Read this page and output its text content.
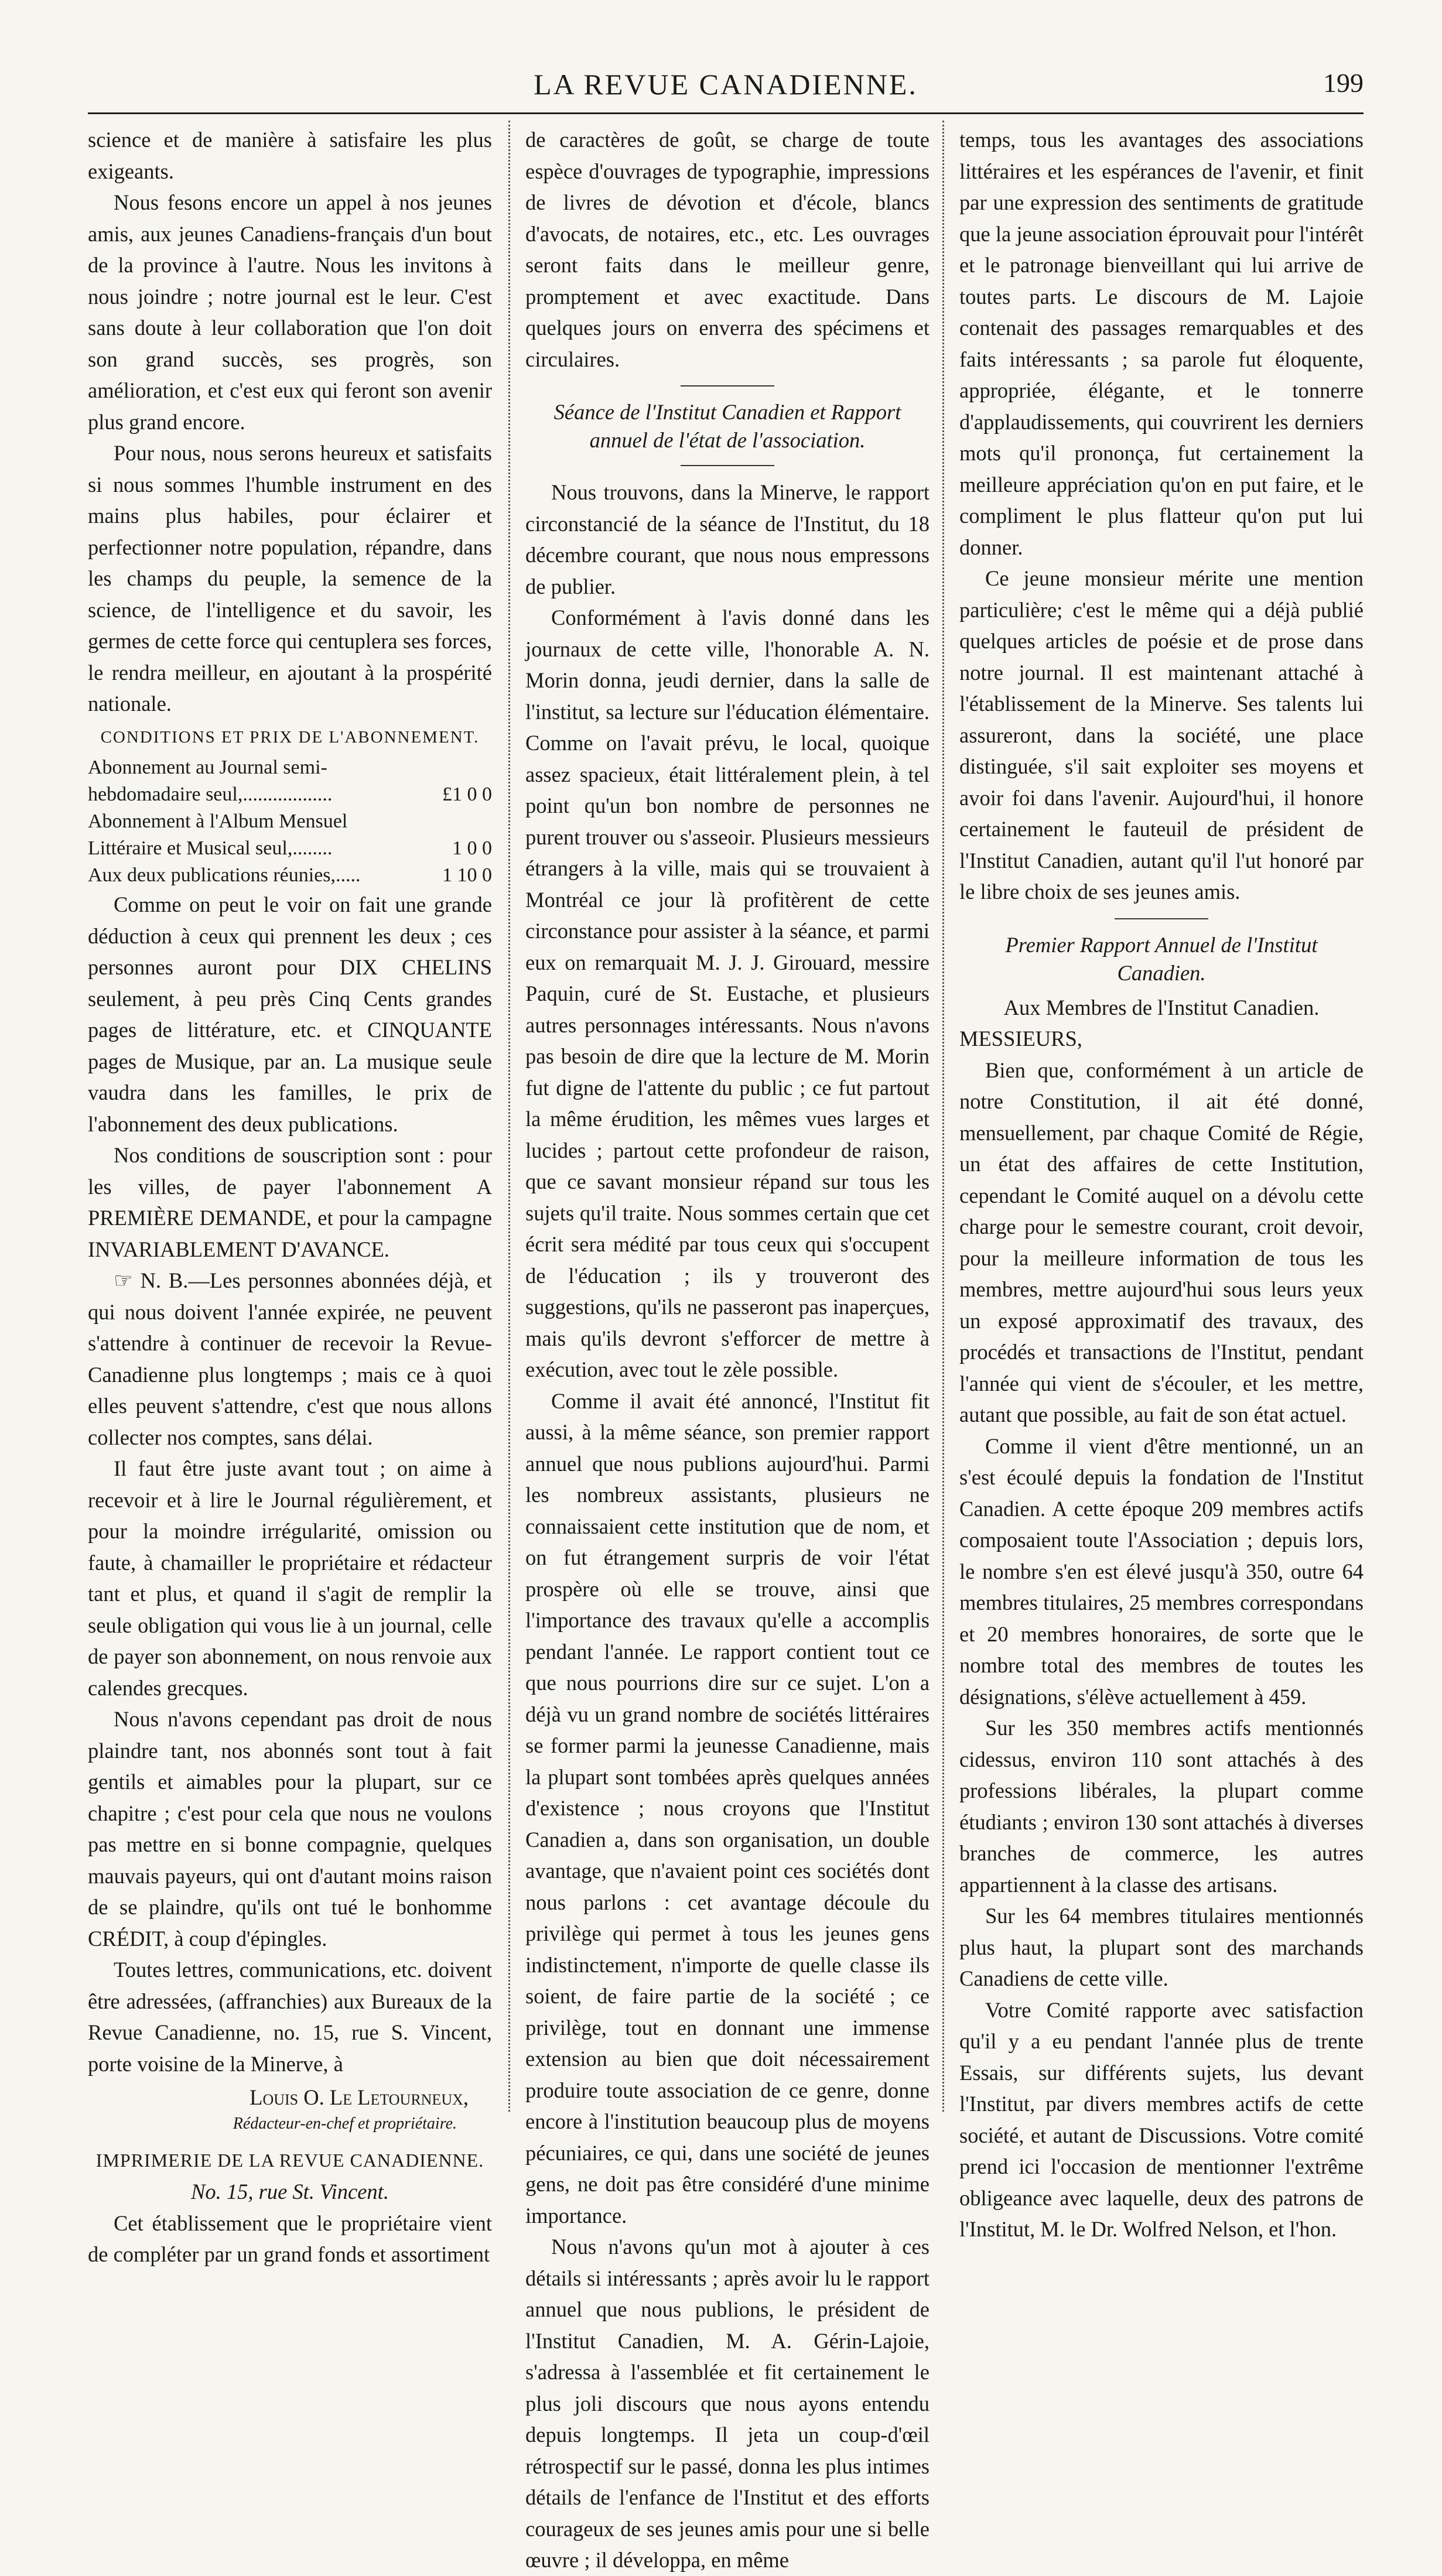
LA REVUE CANADIENNE.	199

science et de manière à satisfaire les plus exigeants.

Nous fesons encore un appel à nos jeunes amis, aux jeunes Canadiens-français d'un bout de la province à l'autre. Nous les invitons à nous joindre ; notre journal est le leur. C'est sans doute à leur collaboration que l'on doit son grand succès, ses progrès, son amélioration, et c'est eux qui feront son avenir plus grand encore.

Pour nous, nous serons heureux et satisfaits si nous sommes l'humble instrument en des mains plus habiles, pour éclairer et perfectionner notre population, répandre, dans les champs du peuple, la semence de la science, de l'intelligence et du savoir, les germes de cette force qui centuplera ses forces, le rendra meilleur, en ajoutant à la prospérité nationale.

CONDITIONS ET PRIX DE L'ABONNEMENT.
Abonnement au Journal semi-hebdomadaire seul,..................	£1 0 0
Abonnement à l'Album Mensuel Littéraire et Musical seul,........	1 0 0
Aux deux publications réunies,.....	1 10 0

Comme on peut le voir on fait une grande déduction à ceux qui prennent les deux ; ces personnes auront pour DIX CHELINS seulement, à peu près Cinq Cents grandes pages de littérature, etc. et CINQUANTE pages de Musique, par an. La musique seule vaudra dans les familles, le prix de l'abonnement des deux publications.

Nos conditions de souscription sont : pour les villes, de payer l'abonnement A PREMIÈRE DEMANDE, et pour la campagne INVARIABLEMENT D'AVANCE.

☞ N. B.—Les personnes abonnées déjà, et qui nous doivent l'année expirée, ne peuvent s'attendre à continuer de recevoir la Revue-Canadienne plus longtemps ; mais ce à quoi elles peuvent s'attendre, c'est que nous allons collecter nos comptes, sans délai.

Il faut être juste avant tout ; on aime à recevoir et à lire le Journal régulièrement, et pour la moindre irrégularité, omission ou faute, à chamailler le propriétaire et rédacteur tant et plus, et quand il s'agit de remplir la seule obligation qui vous lie à un journal, celle de payer son abonnement, on nous renvoie aux calendes grecques.

Nous n'avons cependant pas droit de nous plaindre tant, nos abonnés sont tout à fait gentils et aimables pour la plupart, sur ce chapitre ; c'est pour cela que nous ne voulons pas mettre en si bonne compagnie, quelques mauvais payeurs, qui ont d'autant moins raison de se plaindre, qu'ils ont tué le bonhomme CRÉDIT, à coup d'épingles.

Toutes lettres, communications, etc. doivent être adressées, (affranchies) aux Bureaux de la Revue Canadienne, no. 15, rue S. Vincent, porte voisine de la Minerve, à

Louis O. Le Letourneux,
Rédacteur-en-chef et propriétaire.
IMPRIMERIE DE LA REVUE CANADIENNE.
No. 15, rue St. Vincent.

Cet établissement que le propriétaire vient de compléter par un grand fonds et assortiment

de caractères de goût, se charge de toute espèce d'ouvrages de typographie, impressions de livres de dévotion et d'école, blancs d'avocats, de notaires, etc., etc. Les ouvrages seront faits dans le meilleur genre, promptement et avec exactitude. Dans quelques jours on enverra des spécimens et circulaires.

Séance de l'Institut Canadien et Rapport annuel de l'état de l'association.

Nous trouvons, dans la Minerve, le rapport circonstancié de la séance de l'Institut, du 18 décembre courant, que nous nous empressons de publier.

Conformément à l'avis donné dans les journaux de cette ville, l'honorable A. N. Morin donna, jeudi dernier, dans la salle de l'institut, sa lecture sur l'éducation élémentaire. Comme on l'avait prévu, le local, quoique assez spacieux, était littéralement plein, à tel point qu'un bon nombre de personnes ne purent trouver ou s'asseoir. Plusieurs messieurs étrangers à la ville, mais qui se trouvaient à Montréal ce jour là profitèrent de cette circonstance pour assister à la séance, et parmi eux on remarquait M. J. J. Girouard, messire Paquin, curé de St. Eustache, et plusieurs autres personnages intéressants. Nous n'avons pas besoin de dire que la lecture de M. Morin fut digne de l'attente du public ; ce fut partout la même érudition, les mêmes vues larges et lucides ; partout cette profondeur de raison, que ce savant monsieur répand sur tous les sujets qu'il traite. Nous sommes certain que cet écrit sera médité par tous ceux qui s'occupent de l'éducation ; ils y trouveront des suggestions, qu'ils ne passeront pas inaperçues, mais qu'ils devront s'efforcer de mettre à exécution, avec tout le zèle possible.

Comme il avait été annoncé, l'Institut fit aussi, à la même séance, son premier rapport annuel que nous publions aujourd'hui. Parmi les nombreux assistants, plusieurs ne connaissaient cette institution que de nom, et on fut étrangement surpris de voir l'état prospère où elle se trouve, ainsi que l'importance des travaux qu'elle a accomplis pendant l'année. Le rapport contient tout ce que nous pourrions dire sur ce sujet. L'on a déjà vu un grand nombre de sociétés littéraires se former parmi la jeunesse Canadienne, mais la plupart sont tombées après quelques années d'existence ; nous croyons que l'Institut Canadien a, dans son organisation, un double avantage, que n'avaient point ces sociétés dont nous parlons : cet avantage découle du privilège qui permet à tous les jeunes gens indistinctement, n'importe de quelle classe ils soient, de faire partie de la société ; ce privilège, tout en donnant une immense extension au bien que doit nécessairement produire toute association de ce genre, donne encore à l'institution beaucoup plus de moyens pécuniaires, ce qui, dans une société de jeunes gens, ne doit pas être considéré d'une minime importance.

Nous n'avons qu'un mot à ajouter à ces détails si intéressants ; après avoir lu le rapport annuel que nous publions, le président de l'Institut Canadien, M. A. Gérin-Lajoie, s'adressa à l'assemblée et fit certainement le plus joli discours que nous ayons entendu depuis longtemps. Il jeta un coup-d'œil rétrospectif sur le passé, donna les plus intimes détails de l'enfance de l'Institut et des efforts courageux de ses jeunes amis pour une si belle œuvre ; il développa, en même

temps, tous les avantages des associations littéraires et les espérances de l'avenir, et finit par une expression des sentiments de gratitude que la jeune association éprouvait pour l'intérêt et le patronage bienveillant qui lui arrive de toutes parts. Le discours de M. Lajoie contenait des passages remarquables et des faits intéressants ; sa parole fut éloquente, appropriée, élégante, et le tonnerre d'applaudissements, qui couvrirent les derniers mots qu'il prononça, fut certainement la meilleure appréciation qu'on en put faire, et le compliment le plus flatteur qu'on put lui donner.

Ce jeune monsieur mérite une mention particulière; c'est le même qui a déjà publié quelques articles de poésie et de prose dans notre journal. Il est maintenant attaché à l'établissement de la Minerve. Ses talents lui assureront, dans la société, une place distinguée, s'il sait exploiter ses moyens et avoir foi dans l'avenir. Aujourd'hui, il honore certainement le fauteuil de président de l'Institut Canadien, autant qu'il l'ut honoré par le libre choix de ses jeunes amis.

Premier Rapport Annuel de l'Institut Canadien.
Aux Membres de l'Institut Canadien.

MESSIEURS,

Bien que, conformément à un article de notre Constitution, il ait été donné, mensuellement, par chaque Comité de Régie, un état des affaires de cette Institution, cependant le Comité auquel on a dévolu cette charge pour le semestre courant, croit devoir, pour la meilleure information de tous les membres, mettre aujourd'hui sous leurs yeux un exposé approximatif des travaux, des procédés et transactions de l'Institut, pendant l'année qui vient de s'écouler, et les mettre, autant que possible, au fait de son état actuel.

Comme il vient d'être mentionné, un an s'est écoulé depuis la fondation de l'Institut Canadien. A cette époque 209 membres actifs composaient toute l'Association ; depuis lors, le nombre s'en est élevé jusqu'à 350, outre 64 membres titulaires, 25 membres correspondans et 20 membres honoraires, de sorte que le nombre total des membres de toutes les désignations, s'élève actuellement à 459.

Sur les 350 membres actifs mentionnés cidessus, environ 110 sont attachés à des professions libérales, la plupart comme étudiants ; environ 130 sont attachés à diverses branches de commerce, les autres appartiennent à la classe des artisans.

Sur les 64 membres titulaires mentionnés plus haut, la plupart sont des marchands Canadiens de cette ville.

Votre Comité rapporte avec satisfaction qu'il y a eu pendant l'année plus de trente Essais, sur différents sujets, lus devant l'Institut, par divers membres actifs de cette société, et autant de Discussions. Votre comité prend ici l'occasion de mentionner l'extrême obligeance avec laquelle, deux des patrons de l'Institut, M. le Dr. Wolfred Nelson, et l'hon.
